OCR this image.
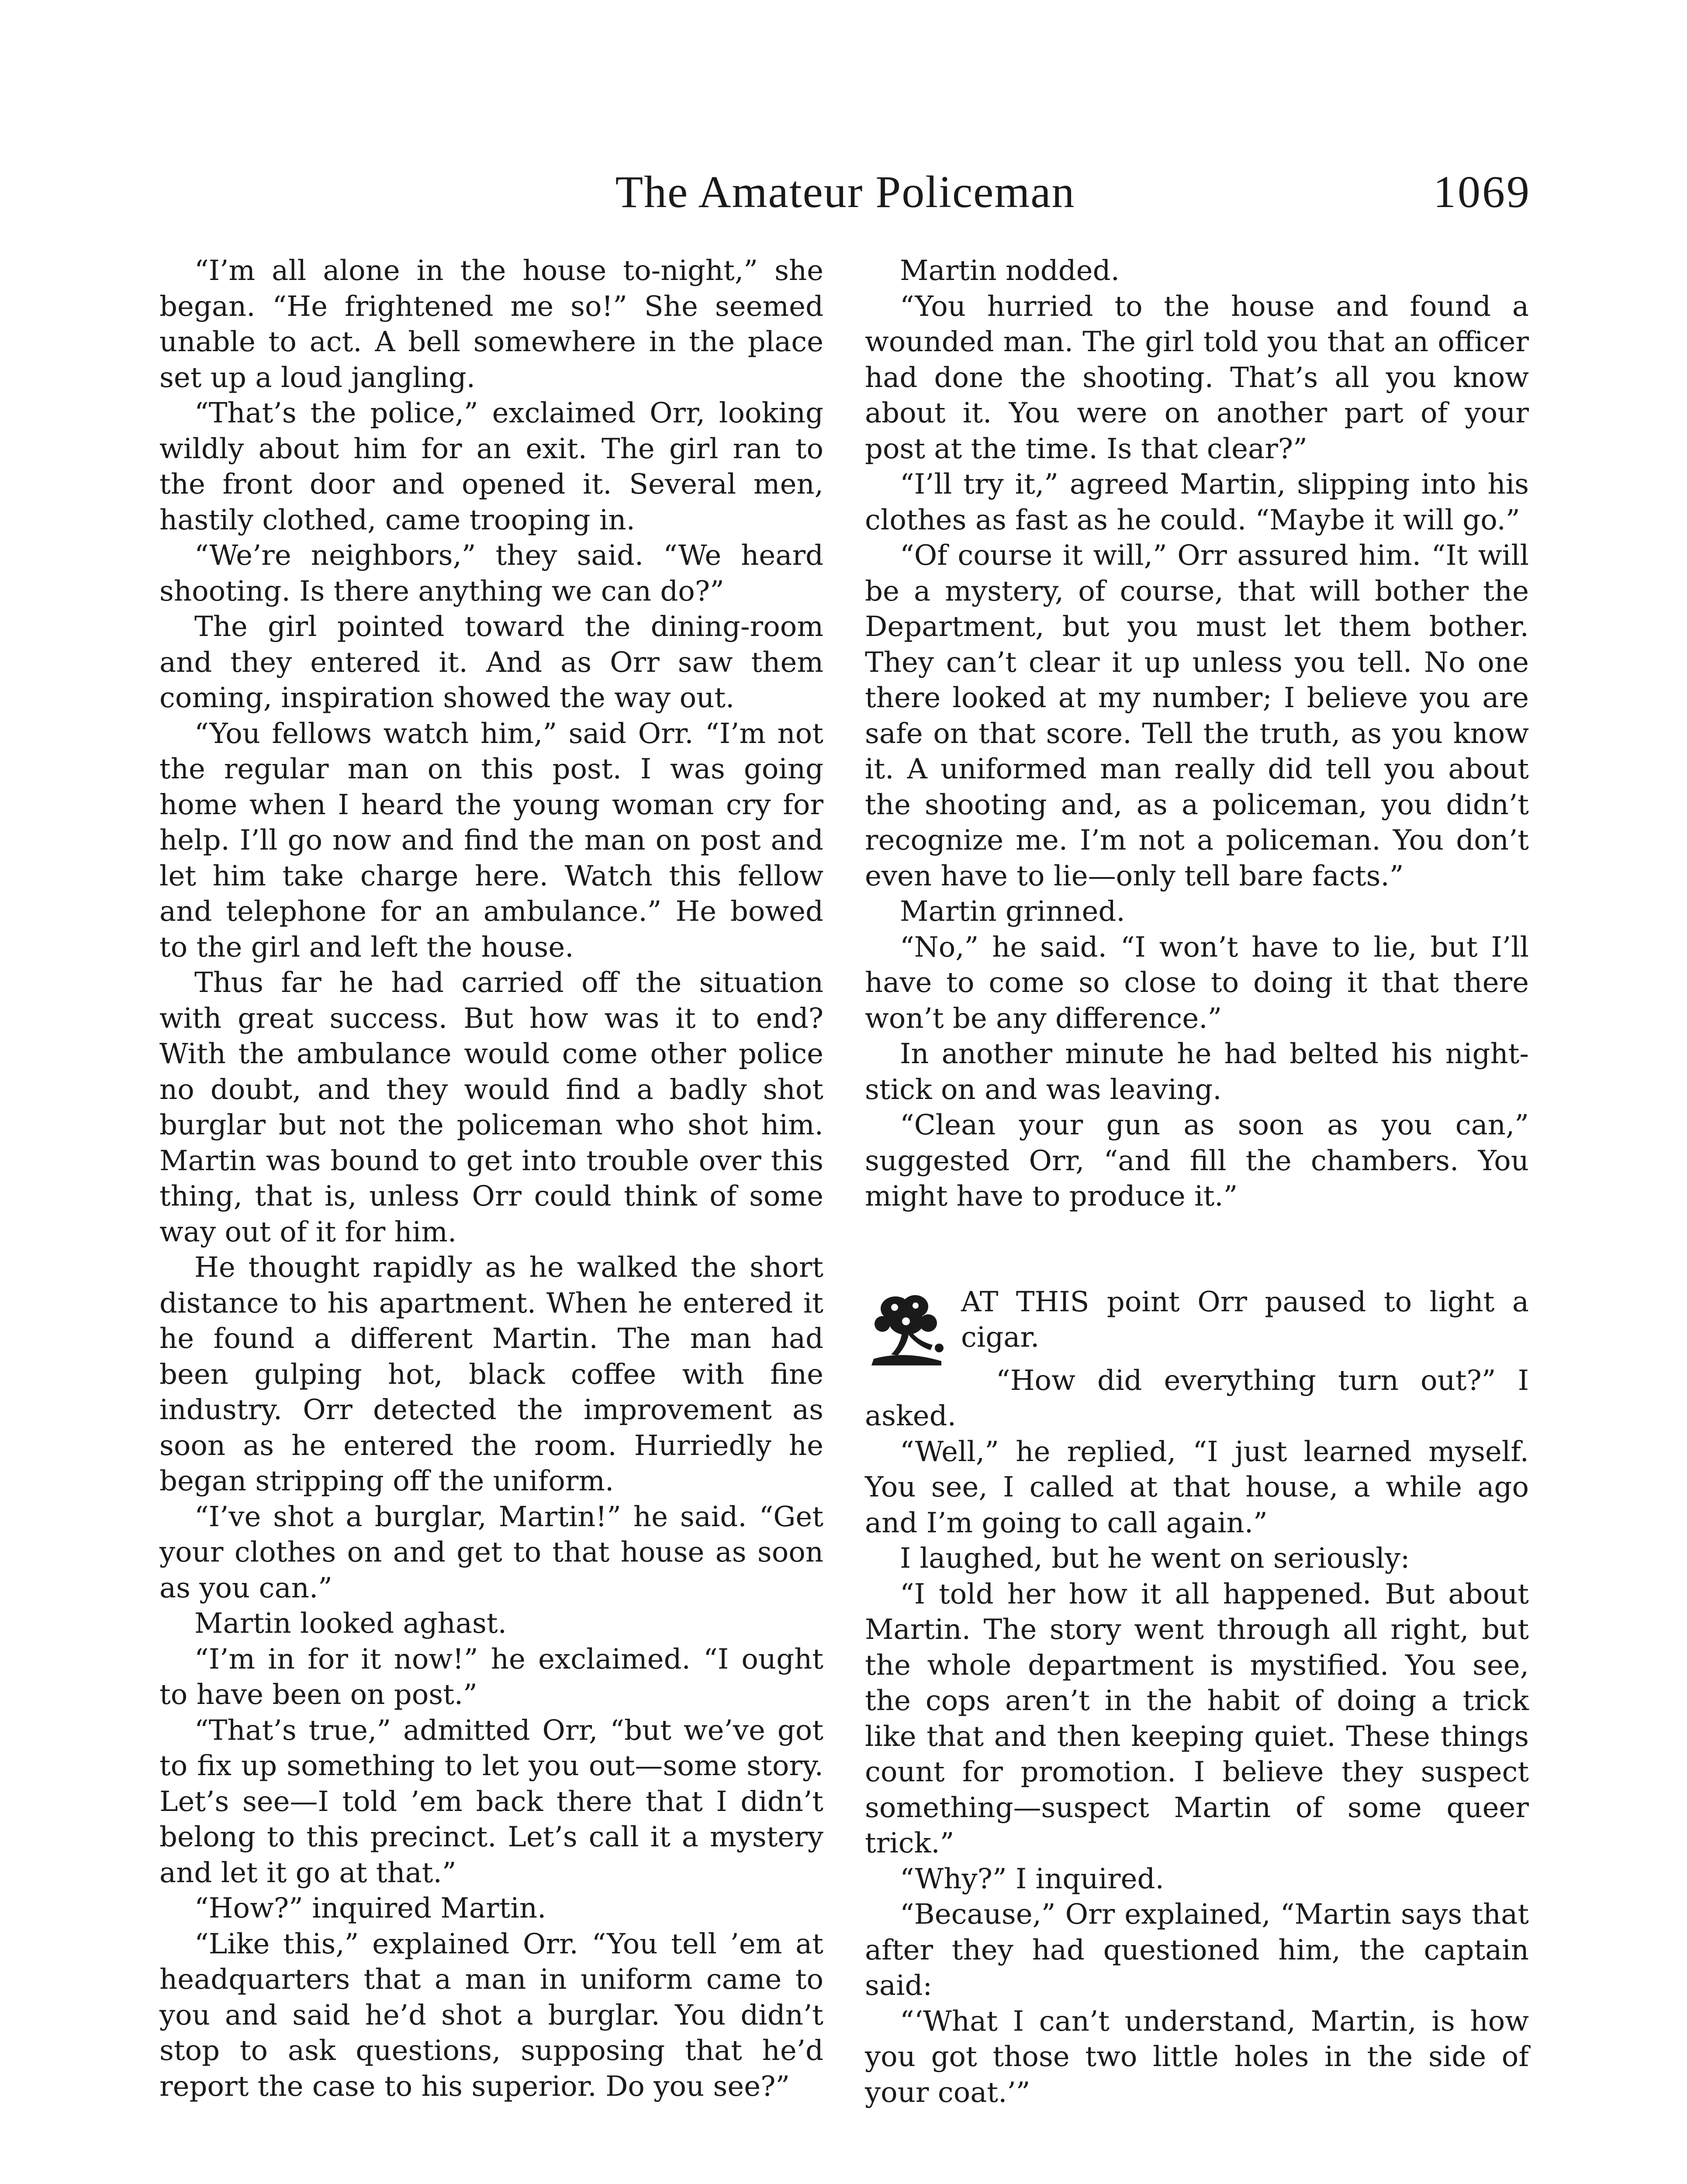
The Amateur Policeman	1069

“I’m all alone in the house to-night,” she began. “He frightened me so!” She seemed unable to act. A bell somewhere in the place set up a loud jangling.

“That’s the police,” exclaimed Orr, looking wildly about him for an exit. The girl ran to the front door and opened it. Several men, hastily clothed, came trooping in.

“We’re neighbors,” they said. “We heard shooting. Is there anything we can do?”

The girl pointed toward the dining-room and they entered it. And as Orr saw them coming, inspiration showed the way out.

“You fellows watch him,” said Orr. “I’m not the regular man on this post. I was going home when I heard the young woman cry for help. I’ll go now and find the man on post and let him take charge here. Watch this fellow and telephone for an ambulance.” He bowed to the girl and left the house.

Thus far he had carried off the situation with great success. But how was it to end? With the ambulance would come other police no doubt, and they would find a badly shot burglar but not the policeman who shot him. Martin was bound to get into trouble over this thing, that is, unless Orr could think of some way out of it for him.

He thought rapidly as he walked the short distance to his apartment. When he entered it he found a different Martin. The man had been gulping hot, black coffee with fine industry. Orr detected the improvement as soon as he entered the room. Hurriedly he began stripping off the uniform.

“I’ve shot a burglar, Martin!” he said. “Get your clothes on and get to that house as soon as you can.”

Martin looked aghast.

“I’m in for it now!” he exclaimed. “I ought to have been on post.”

“That’s true,” admitted Orr, “but we’ve got to fix up something to let you out—some story. Let’s see—I told ’em back there that I didn’t belong to this precinct. Let’s call it a mystery and let it go at that.”

“How?” inquired Martin.

“Like this,” explained Orr. “You tell ’em at headquarters that a man in uniform came to you and said he’d shot a burglar. You didn’t stop to ask questions, supposing that he’d report the case to his superior. Do you see?”

Martin nodded.

“You hurried to the house and found a wounded man. The girl told you that an officer had done the shooting. That’s all you know about it. You were on another part of your post at the time. Is that clear?”

“I’ll try it,” agreed Martin, slipping into his clothes as fast as he could. “Maybe it will go.”

“Of course it will,” Orr assured him. “It will be a mystery, of course, that will bother the Department, but you must let them bother. They can’t clear it up unless you tell. No one there looked at my number; I believe you are safe on that score. Tell the truth, as you know it. A uniformed man really did tell you about the shooting and, as a policeman, you didn’t recognize me. I’m not a policeman. You don’t even have to lie—only tell bare facts.”

Martin grinned.

“No,” he said. “I won’t have to lie, but I’ll have to come so close to doing it that there won’t be any difference.”

In another minute he had belted his night-stick on and was leaving.

“Clean your gun as soon as you can,” suggested Orr, “and fill the chambers. You might have to produce it.”

AT THIS point Orr paused to light a cigar.

“How did everything turn out?” I asked.

“Well,” he replied, “I just learned myself. You see, I called at that house, a while ago and I’m going to call again.”

I laughed, but he went on seriously:

“I told her how it all happened. But about Martin. The story went through all right, but the whole department is mystified. You see, the cops aren’t in the habit of doing a trick like that and then keeping quiet. These things count for promotion. I believe they suspect something—suspect Martin of some queer trick.”

“Why?” I inquired.

“Because,” Orr explained, “Martin says that after they had questioned him, the captain said:

“‘What I can’t understand, Martin, is how you got those two little holes in the side of your coat.’”
